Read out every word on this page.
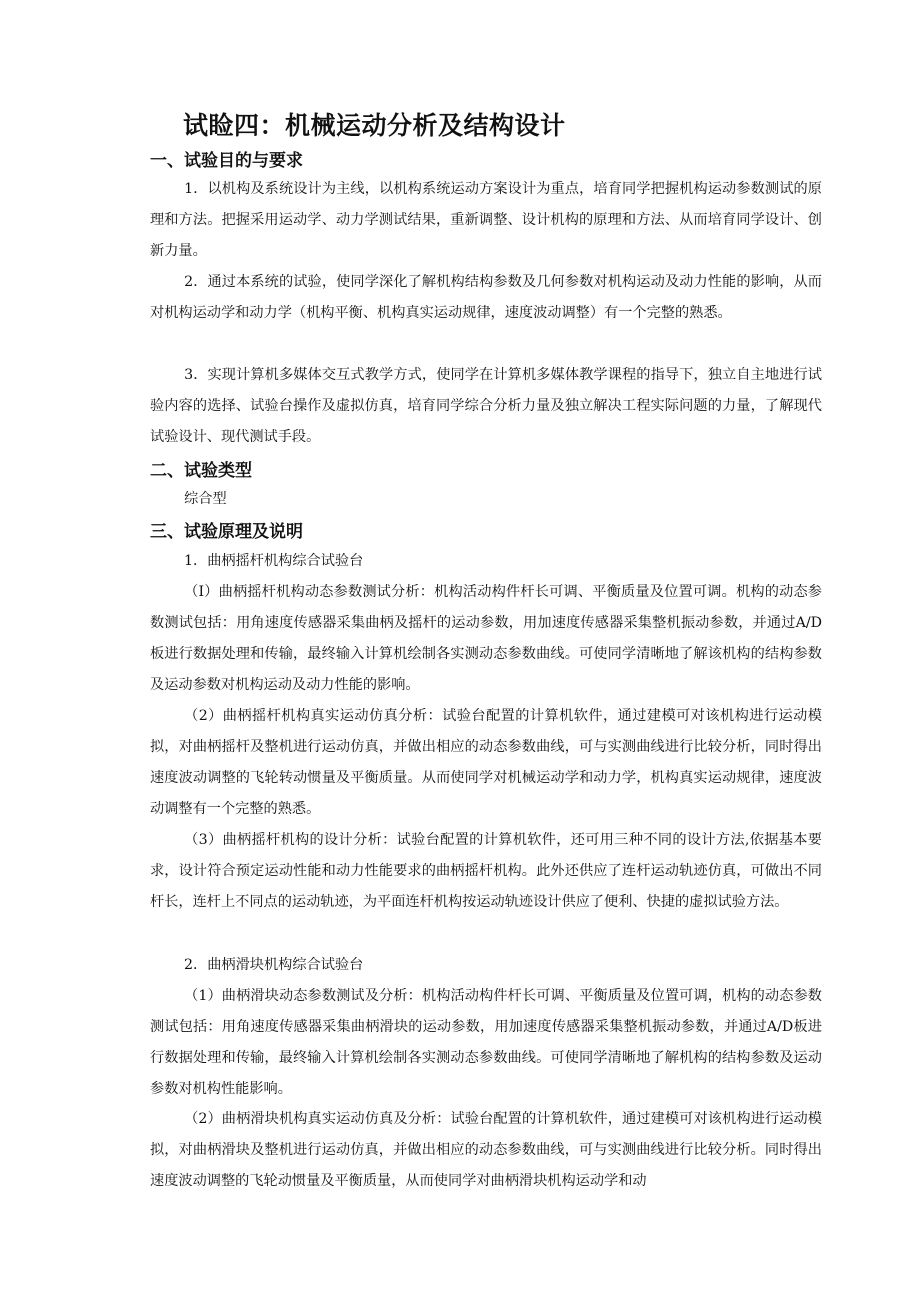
试睑四：机械运动分析及结构设计
一、试验目的与要求

1．以机构及系统设计为主线，以机构系统运动方案设计为重点，培育同学把握机构运动参数测试的原理和方法。把握采用运动学、动力学测试结果，重新调整、设计机构的原理和方法、从而培育同学设计、创新力量。

2．通过本系统的试验，使同学深化了解机构结构参数及几何参数对机构运动及动力性能的影响，从而对机构运动学和动力学（机构平衡、机构真实运动规律，速度波动调整）有一个完整的熟悉。

3．实现计算机多媒体交互式教学方式，使同学在计算机多媒体教学课程的指导下，独立自主地进行试验内容的选择、试验台操作及虚拟仿真，培育同学综合分析力量及独立解决工程实际问题的力量，了解现代试验设计、现代测试手段。

二、试验类型

综合型

三、试验原理及说明

1．曲柄摇杆机构综合试验台

（I）曲柄摇杆机构动态参数测试分析：机构活动构件杆长可调、平衡质量及位置可调。机构的动态参数测试包括：用角速度传感器采集曲柄及摇杆的运动参数，用加速度传感器采集整机振动参数，并通过A/D板进行数据处理和传输，最终输入计算机绘制各实测动态参数曲线。可使同学清晰地了解该机构的结构参数及运动参数对机构运动及动力性能的影响。

（2）曲柄摇杆机构真实运动仿真分析：试验台配置的计算机软件，通过建模可对该机构进行运动模拟，对曲柄摇杆及整机进行运动仿真，并做出相应的动态参数曲线，可与实测曲线进行比较分析，同时得出速度波动调整的飞轮转动惯量及平衡质量。从而使同学对机械运动学和动力学，机构真实运动规律，速度波动调整有一个完整的熟悉。

（3）曲柄摇杆机构的设计分析：试验台配置的计算机软件，还可用三种不同的设计方法,依据基本要求，设计符合预定运动性能和动力性能要求的曲柄摇杆机构。此外还供应了连杆运动轨迹仿真，可做出不同杆长，连杆上不同点的运动轨迹，为平面连杆机构按运动轨迹设计供应了便利、快捷的虚拟试验方法。

2．曲柄滑块机构综合试验台

（1）曲柄滑块动态参数测试及分析：机构活动构件杆长可调、平衡质量及位置可调，机构的动态参数测试包括：用角速度传感器采集曲柄滑块的运动参数，用加速度传感器采集整机振动参数，并通过A/D板进行数据处理和传输，最终输入计算机绘制各实测动态参数曲线。可使同学清晰地了解机构的结构参数及运动参数对机构性能影响。

（2）曲柄滑块机构真实运动仿真及分析：试验台配置的计算机软件，通过建模可对该机构进行运动模拟，对曲柄滑块及整机进行运动仿真，并做出相应的动态参数曲线，可与实测曲线进行比较分析。同时得出速度波动调整的飞轮动惯量及平衡质量，从而使同学对曲柄滑块机构运动学和动
